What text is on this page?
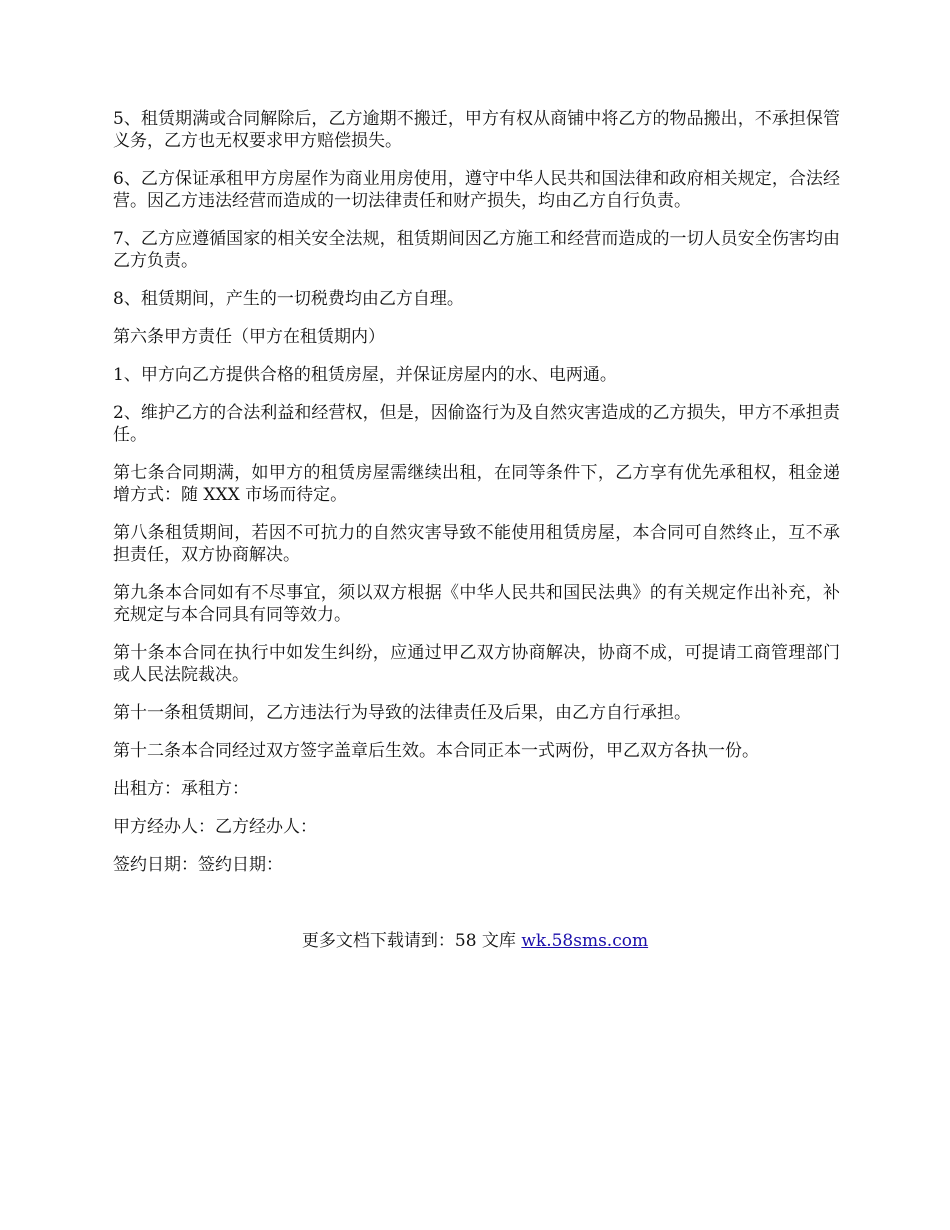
5、租赁期满或合同解除后，乙方逾期不搬迁，甲方有权从商铺中将乙方的物品搬出，不承担保管义务，乙方也无权要求甲方赔偿损失。

6、乙方保证承租甲方房屋作为商业用房使用，遵守中华人民共和国法律和政府相关规定，合法经营。因乙方违法经营而造成的一切法律责任和财产损失，均由乙方自行负责。

7、乙方应遵循国家的相关安全法规，租赁期间因乙方施工和经营而造成的一切人员安全伤害均由乙方负责。

8、租赁期间，产生的一切税费均由乙方自理。

第六条甲方责任（甲方在租赁期内）

1、甲方向乙方提供合格的租赁房屋，并保证房屋内的水、电两通。

2、维护乙方的合法利益和经营权，但是，因偷盗行为及自然灾害造成的乙方损失，甲方不承担责任。

第七条合同期满，如甲方的租赁房屋需继续出租，在同等条件下，乙方享有优先承租权，租金递增方式：随 XXX 市场而待定。

第八条租赁期间，若因不可抗力的自然灾害导致不能使用租赁房屋，本合同可自然终止，互不承担责任，双方协商解决。

第九条本合同如有不尽事宜，须以双方根据《中华人民共和国民法典》的有关规定作出补充，补充规定与本合同具有同等效力。

第十条本合同在执行中如发生纠纷，应通过甲乙双方协商解决，协商不成，可提请工商管理部门或人民法院裁决。

第十一条租赁期间，乙方违法行为导致的法律责任及后果，由乙方自行承担。

第十二条本合同经过双方签字盖章后生效。本合同正本一式两份，甲乙双方各执一份。

出租方：承租方：

甲方经办人：乙方经办人：

签约日期：签约日期：

更多文档下载请到：58 文库 wk.58sms.com
